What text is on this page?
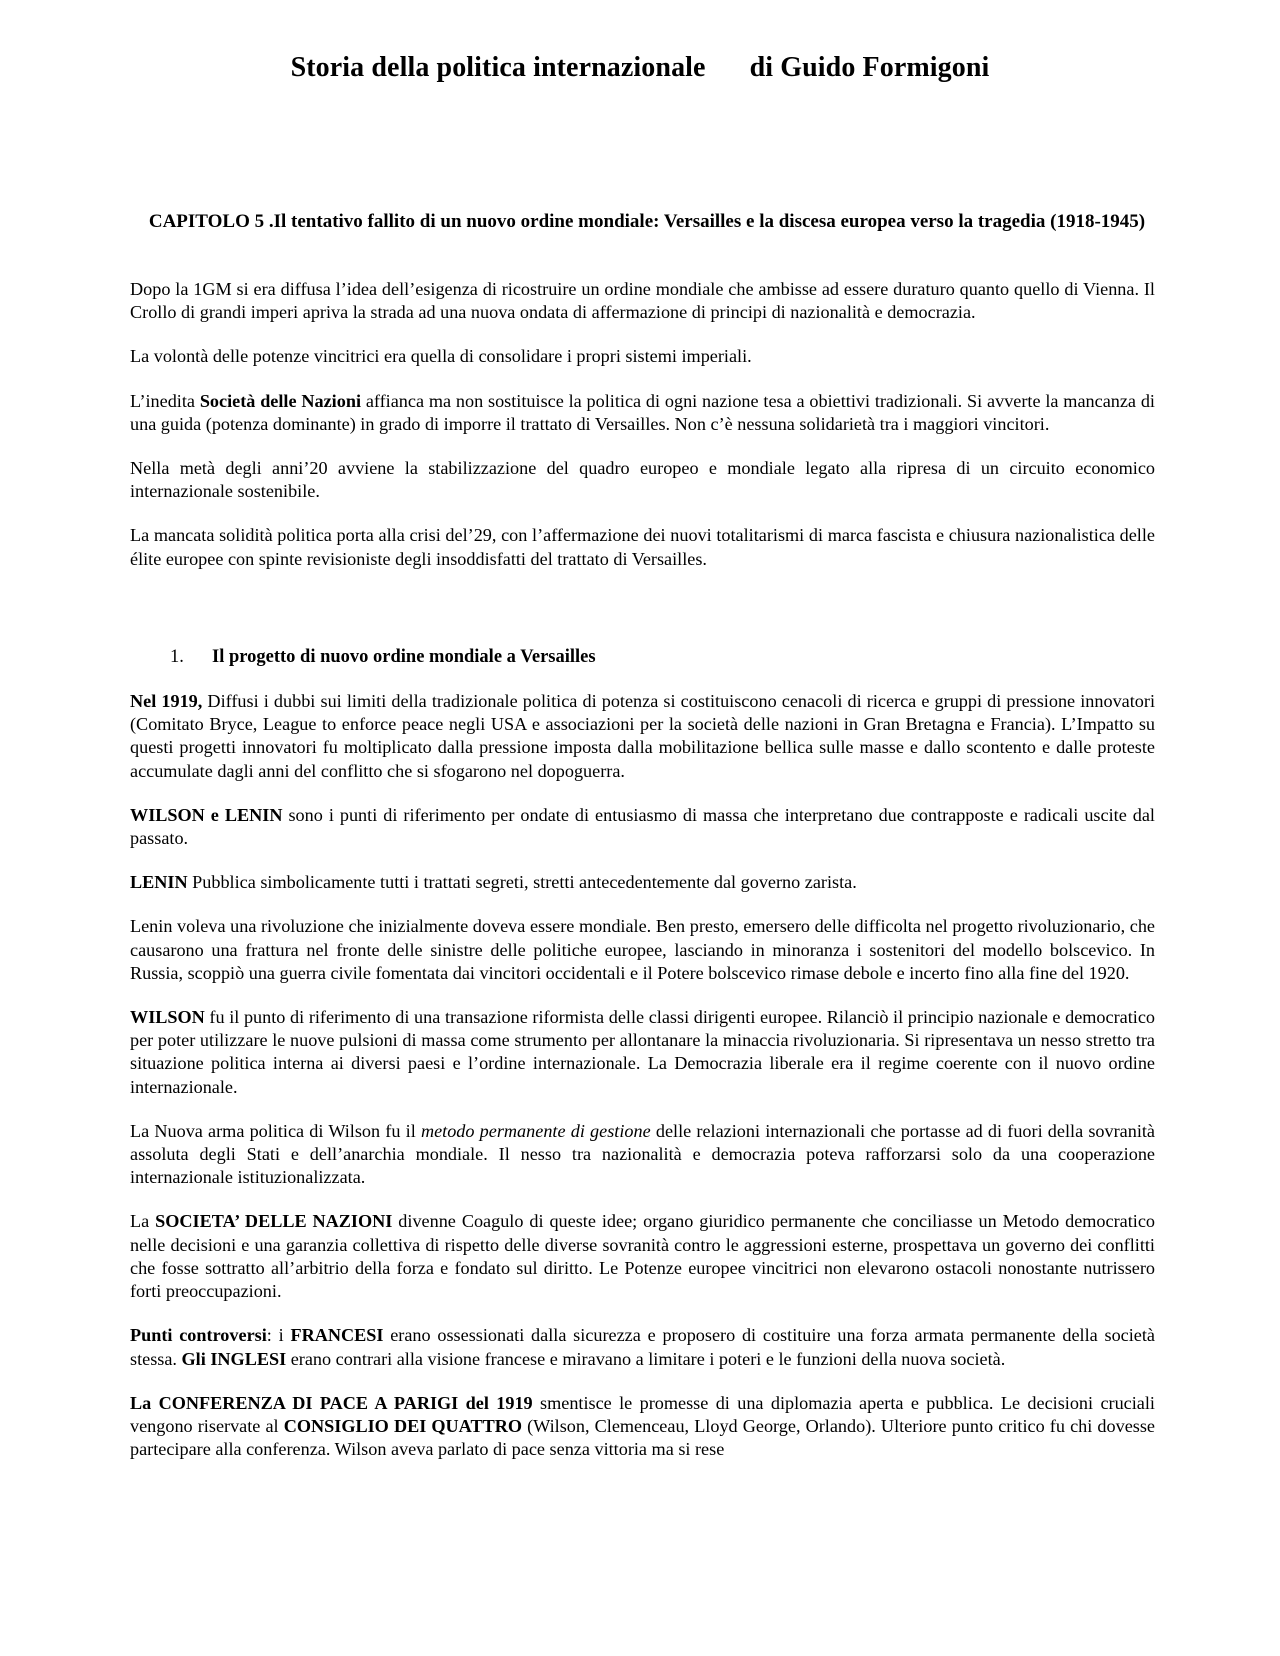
Storia della politica internazionale di Guido Formigoni
CAPITOLO 5 .Il tentativo fallito di un nuovo ordine mondiale: Versailles e la discesa europea verso la tragedia (1918-1945)

Dopo la 1GM si era diffusa l’idea dell’esigenza di ricostruire un ordine mondiale che ambisse ad essere duraturo quanto quello di Vienna. Il Crollo di grandi imperi apriva la strada ad una nuova ondata di affermazione di principi di nazionalità e democrazia.

La volontà delle potenze vincitrici era quella di consolidare i propri sistemi imperiali.

L’inedita Società delle Nazioni affianca ma non sostituisce la politica di ogni nazione tesa a obiettivi tradizionali. Si avverte la mancanza di una guida (potenza dominante) in grado di imporre il trattato di Versailles. Non c’è nessuna solidarietà tra i maggiori vincitori.

Nella metà degli anni’20 avviene la stabilizzazione del quadro europeo e mondiale legato alla ripresa di un circuito economico internazionale sostenibile.

La mancata solidità politica porta alla crisi del’29, con l’affermazione dei nuovi totalitarismi di marca fascista e chiusura nazionalistica delle élite europee con spinte revisioniste degli insoddisfatti del trattato di Versailles.

1. Il progetto di nuovo ordine mondiale a Versailles

Nel 1919, Diffusi i dubbi sui limiti della tradizionale politica di potenza si costituiscono cenacoli di ricerca e gruppi di pressione innovatori (Comitato Bryce, League to enforce peace negli USA e associazioni per la società delle nazioni in Gran Bretagna e Francia). L’Impatto su questi progetti innovatori fu moltiplicato dalla pressione imposta dalla mobilitazione bellica sulle masse e dallo scontento e dalle proteste accumulate dagli anni del conflitto che si sfogarono nel dopoguerra.

WILSON e LENIN sono i punti di riferimento per ondate di entusiasmo di massa che interpretano due contrapposte e radicali uscite dal passato.

LENIN Pubblica simbolicamente tutti i trattati segreti, stretti antecedentemente dal governo zarista.

Lenin voleva una rivoluzione che inizialmente doveva essere mondiale. Ben presto, emersero delle difficolta nel progetto rivoluzionario, che causarono una frattura nel fronte delle sinistre delle politiche europee, lasciando in minoranza i sostenitori del modello bolscevico. In Russia, scoppiò una guerra civile fomentata dai vincitori occidentali e il Potere bolscevico rimase debole e incerto fino alla fine del 1920.

WILSON fu il punto di riferimento di una transazione riformista delle classi dirigenti europee. Rilanciò il principio nazionale e democratico per poter utilizzare le nuove pulsioni di massa come strumento per allontanare la minaccia rivoluzionaria. Si ripresentava un nesso stretto tra situazione politica interna ai diversi paesi e l’ordine internazionale. La Democrazia liberale era il regime coerente con il nuovo ordine internazionale.

La Nuova arma politica di Wilson fu il metodo permanente di gestione delle relazioni internazionali che portasse ad di fuori della sovranità assoluta degli Stati e dell’anarchia mondiale. Il nesso tra nazionalità e democrazia poteva rafforzarsi solo da una cooperazione internazionale istituzionalizzata.

La SOCIETA’ DELLE NAZIONI divenne Coagulo di queste idee; organo giuridico permanente che conciliasse un Metodo democratico nelle decisioni e una garanzia collettiva di rispetto delle diverse sovranità contro le aggressioni esterne, prospettava un governo dei conflitti che fosse sottratto all’arbitrio della forza e fondato sul diritto. Le Potenze europee vincitrici non elevarono ostacoli nonostante nutrissero forti preoccupazioni.

Punti controversi: i FRANCESI erano ossessionati dalla sicurezza e proposero di costituire una forza armata permanente della società stessa. Gli INGLESI erano contrari alla visione francese e miravano a limitare i poteri e le funzioni della nuova società.

La CONFERENZA DI PACE A PARIGI del 1919 smentisce le promesse di una diplomazia aperta e pubblica. Le decisioni cruciali vengono riservate al CONSIGLIO DEI QUATTRO (Wilson, Clemenceau, Lloyd George, Orlando). Ulteriore punto critico fu chi dovesse partecipare alla conferenza. Wilson aveva parlato di pace senza vittoria ma si rese
